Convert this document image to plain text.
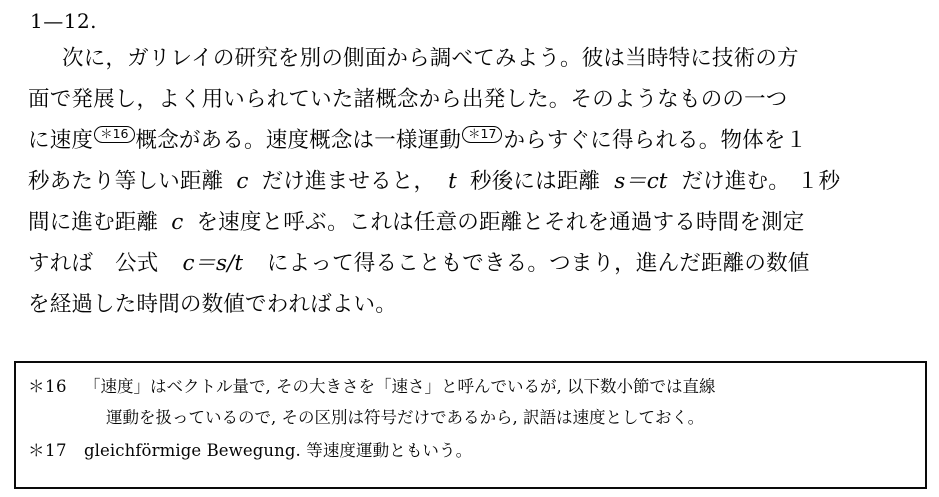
1—12.
次に，ガリレイの研究を別の側面から調べてみよう。彼は当時特に技術の方
面で発展し，よく用いられていた諸概念から出発した。そのようなものの一つ
に速度 ＊16 概念がある。速度概念は一様運動 ＊17 からすぐに得られる。物体を１
秒あたり等しい距離 c だけ進ませると， t 秒後には距離 s＝ct だけ進む。 １秒
間に進む距離 c を速度と呼ぶ。これは任意の距離とそれを通過する時間を測定
すれば 公式 c＝s/t によって得ることもできる。つまり，進んだ距離の数値
を経過した時間の数値でわればよい。
＊16	「速度」はベクトル量で, その大きさを「速さ」と呼んでいるが, 以下数小節では直線
運動を扱っているので, その区別は符号だけであるから, 訳語は速度としておく。
＊17	gleichförmige Bewegung. 等速度運動ともいう。
